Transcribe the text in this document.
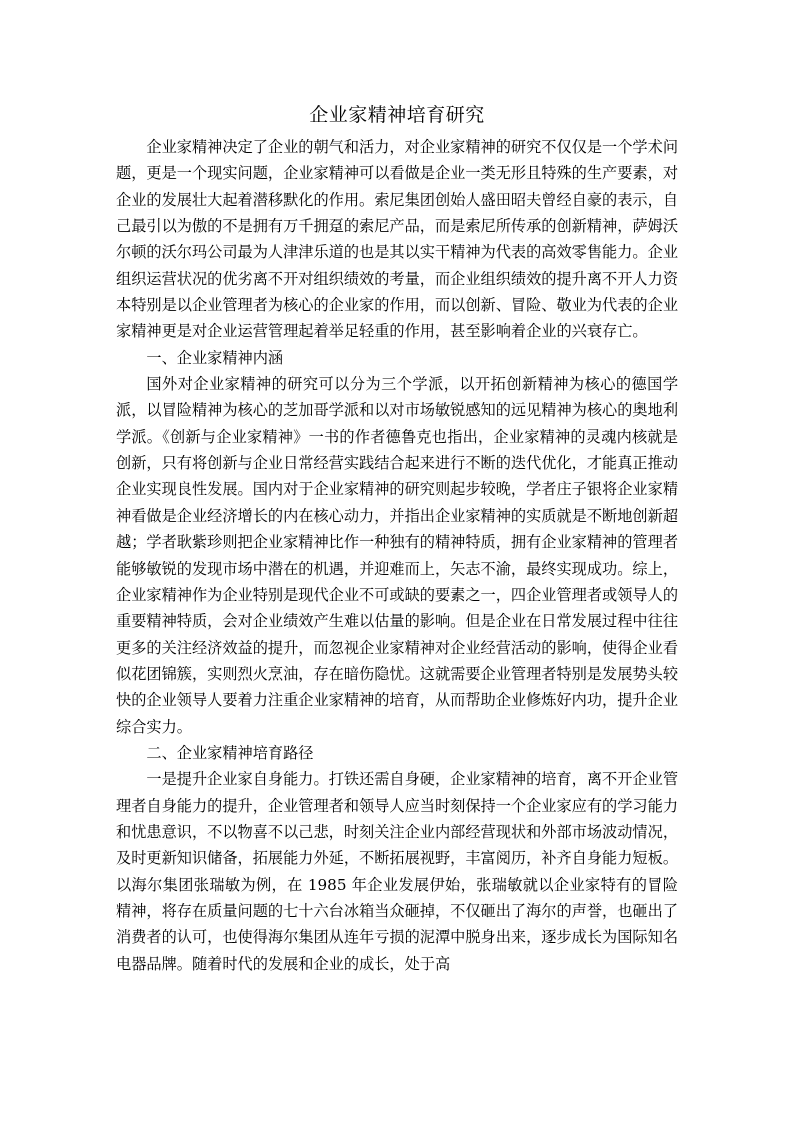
企业家精神培育研究

企业家精神决定了企业的朝气和活力，对企业家精神的研究不仅仅是一个学术问题，更是一个现实问题，企业家精神可以看做是企业一类无形且特殊的生产要素，对企业的发展壮大起着潜移默化的作用。索尼集团创始人盛田昭夫曾经自豪的表示，自己最引以为傲的不是拥有万千拥趸的索尼产品，而是索尼所传承的创新精神，萨姆沃尔顿的沃尔玛公司最为人津津乐道的也是其以实干精神为代表的高效零售能力。企业组织运营状况的优劣离不开对组织绩效的考量，而企业组织绩效的提升离不开人力资本特别是以企业管理者为核心的企业家的作用，而以创新、冒险、敬业为代表的企业家精神更是对企业运营管理起着举足轻重的作用，甚至影响着企业的兴衰存亡。

一、企业家精神内涵

国外对企业家精神的研究可以分为三个学派，以开拓创新精神为核心的德国学派，以冒险精神为核心的芝加哥学派和以对市场敏锐感知的远见精神为核心的奥地利学派。《创新与企业家精神》一书的作者德鲁克也指出，企业家精神的灵魂内核就是创新，只有将创新与企业日常经营实践结合起来进行不断的迭代优化，才能真正推动企业实现良性发展。国内对于企业家精神的研究则起步较晚，学者庄子银将企业家精神看做是企业经济增长的内在核心动力，并指出企业家精神的实质就是不断地创新超越；学者耿紫珍则把企业家精神比作一种独有的精神特质，拥有企业家精神的管理者能够敏锐的发现市场中潜在的机遇，并迎难而上，矢志不渝，最终实现成功。综上，企业家精神作为企业特别是现代企业不可或缺的要素之一，四企业管理者或领导人的重要精神特质，会对企业绩效产生难以估量的影响。但是企业在日常发展过程中往往更多的关注经济效益的提升，而忽视企业家精神对企业经营活动的影响，使得企业看似花团锦簇，实则烈火烹油，存在暗伤隐忧。这就需要企业管理者特别是发展势头较快的企业领导人要着力注重企业家精神的培育，从而帮助企业修炼好内功，提升企业综合实力。

二、企业家精神培育路径

一是提升企业家自身能力。打铁还需自身硬，企业家精神的培育，离不开企业管理者自身能力的提升，企业管理者和领导人应当时刻保持一个企业家应有的学习能力和忧患意识，不以物喜不以己悲，时刻关注企业内部经营现状和外部市场波动情况，及时更新知识储备，拓展能力外延，不断拓展视野，丰富阅历，补齐自身能力短板。以海尔集团张瑞敏为例，在 1985 年企业发展伊始，张瑞敏就以企业家特有的冒险精神，将存在质量问题的七十六台冰箱当众砸掉，不仅砸出了海尔的声誉，也砸出了消费者的认可，也使得海尔集团从连年亏损的泥潭中脱身出来，逐步成长为国际知名电器品牌。随着时代的发展和企业的成长，处于高
